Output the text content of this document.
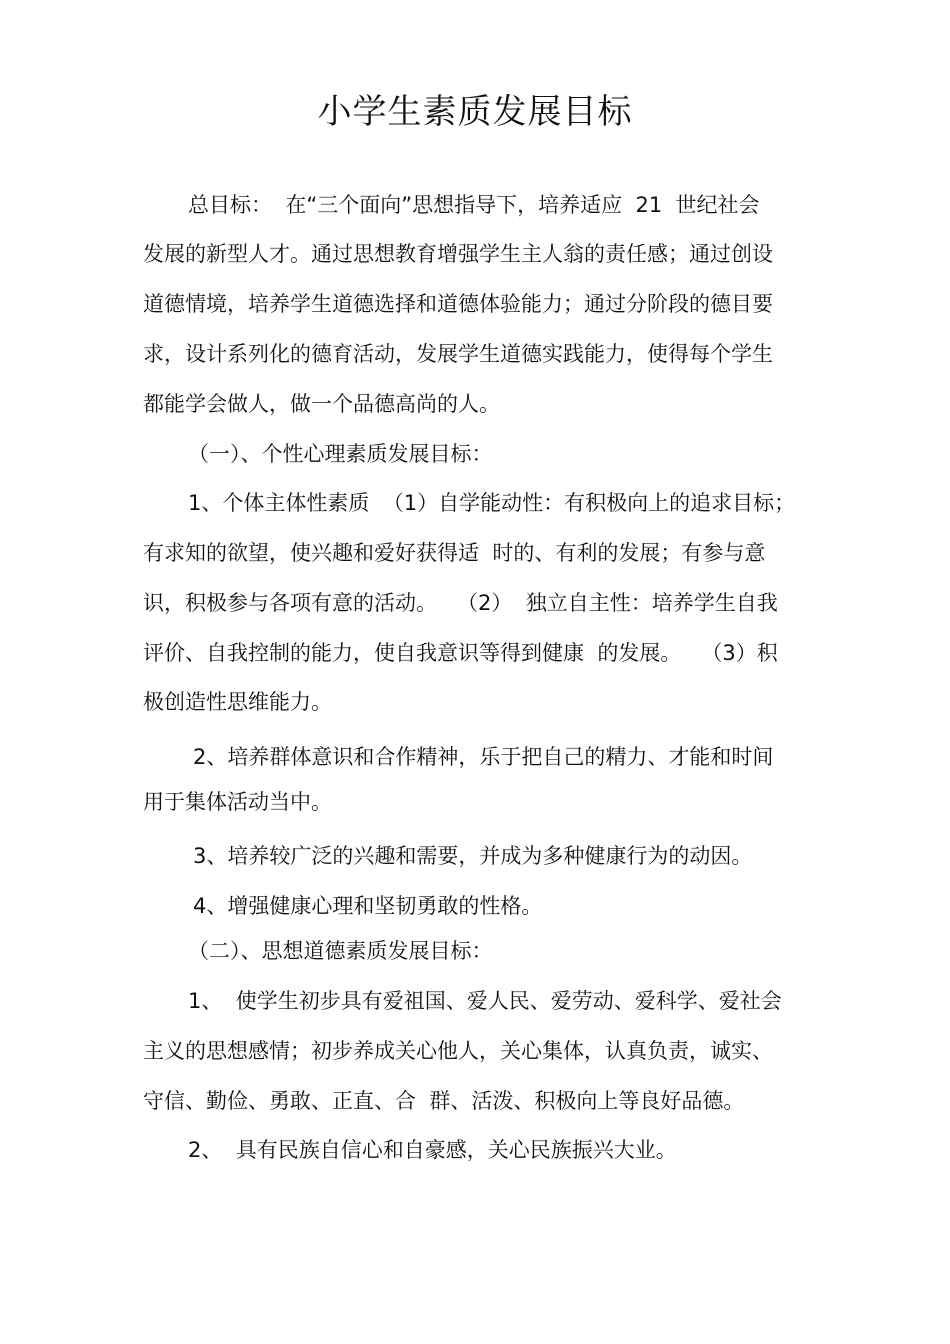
小学生素质发展目标
总目标：  在“三个面向”思想指导下，培养适应  21  世纪社会
发展的新型人才。通过思想教育增强学生主人翁的责任感；通过创设
道德情境，培养学生道德选择和道德体验能力；通过分阶段的德目要
求，设计系列化的德育活动，发展学生道德实践能力，使得每个学生
都能学会做人，做一个品德高尚的人。
（一）、个性心理素质发展目标：
1、个体主体性素质  （1）自学能动性：有积极向上的追求目标；
有求知的欲望，使兴趣和爱好获得适  时的、有利的发展；有参与意
识，积极参与各项有意的活动。   （2）  独立自主性：培养学生自我
评价、自我控制的能力，使自我意识等得到健康  的发展。   （3）积
极创造性思维能力。
2、培养群体意识和合作精神，乐于把自己的精力、才能和时间
用于集体活动当中。
3、培养较广泛的兴趣和需要，并成为多种健康行为的动因。
4、增强健康心理和坚韧勇敢的性格。
（二）、思想道德素质发展目标：
1、  使学生初步具有爱祖国、爱人民、爱劳动、爱科学、爱社会
主义的思想感情；初步养成关心他人，关心集体，认真负责，诚实、
守信、勤俭、勇敢、正直、合  群、活泼、积极向上等良好品德。
2、  具有民族自信心和自豪感，关心民族振兴大业。
